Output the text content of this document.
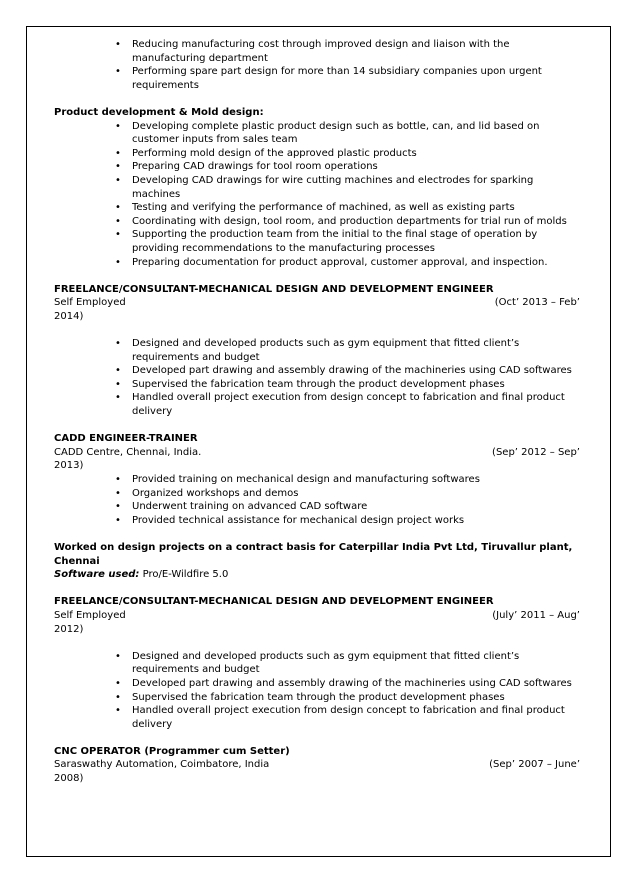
• Reducing manufacturing cost through improved design and liaison with the manufacturing department
• Performing spare part design for more than 14 subsidiary companies upon urgent requirements
Product development & Mold design:
• Developing complete plastic product design such as bottle, can, and lid based on customer inputs from sales team
• Performing mold design of the approved plastic products
• Preparing CAD drawings for tool room operations
• Developing CAD drawings for wire cutting machines and electrodes for sparking machines
• Testing and verifying the performance of machined, as well as existing parts
• Coordinating with design, tool room, and production departments for trial run of molds
• Supporting the production team from the initial to the final stage of operation by providing recommendations to the manufacturing processes
• Preparing documentation for product approval, customer approval, and inspection.
FREELANCE/CONSULTANT-MECHANICAL DESIGN AND DEVELOPMENT ENGINEER
Self Employed	(Oct’ 2013 – Feb’
2014)
• Designed and developed products such as gym equipment that fitted client’s requirements and budget
• Developed part drawing and assembly drawing of the machineries using CAD softwares
• Supervised the fabrication team through the product development phases
• Handled overall project execution from design concept to fabrication and final product delivery
CADD ENGINEER-TRAINER
CADD Centre, Chennai, India.	(Sep’ 2012 – Sep’
2013)
• Provided training on mechanical design and manufacturing softwares
• Organized workshops and demos
• Underwent training on advanced CAD software
• Provided technical assistance for mechanical design project works
Worked on design projects on a contract basis for Caterpillar India Pvt Ltd, Tiruvallur plant,
Chennai
Software used: Pro/E-Wildfire 5.0
FREELANCE/CONSULTANT-MECHANICAL DESIGN AND DEVELOPMENT ENGINEER
Self Employed	(July’ 2011 – Aug’
2012)
• Designed and developed products such as gym equipment that fitted client’s requirements and budget
• Developed part drawing and assembly drawing of the machineries using CAD softwares
• Supervised the fabrication team through the product development phases
• Handled overall project execution from design concept to fabrication and final product delivery
CNC OPERATOR (Programmer cum Setter)
Saraswathy Automation, Coimbatore, India	(Sep’ 2007 – June’
2008)
